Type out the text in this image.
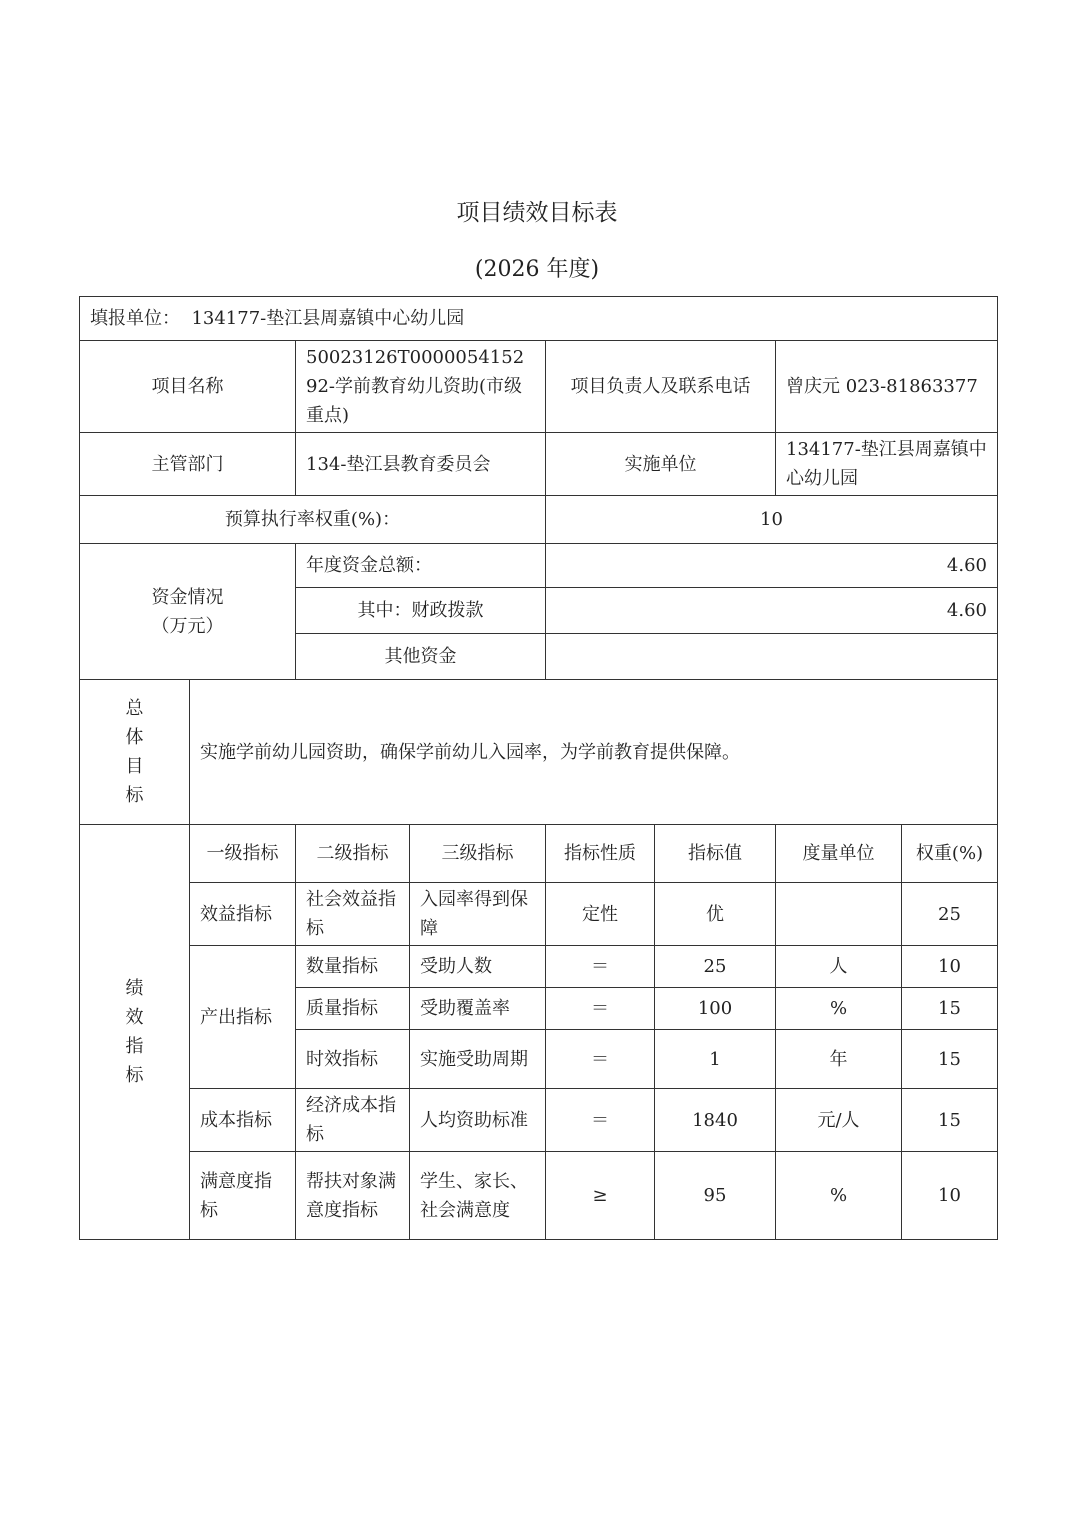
项目绩效目标表
(2026 年度)
填报单位： 134177-垫江县周嘉镇中心幼儿园							
项目名称		50023126T000005415292-学前教育幼儿资助(市级重点)		项目负责人及联系电话		曾庆元 023-81863377	
主管部门		134-垫江县教育委员会		实施单位		134177-垫江县周嘉镇中心幼儿园	
预算执行率权重(%)：				10			

资金情况
（万元）		年度资金总额：		4.60			
		其中：财政拨款		4.60			
		其他资金					
总体目标	实施学前幼儿园资助，确保学前幼儿入园率，为学前教育提供保障。						

绩
效
指
标	一级指标	二级指标	三级指标	指标性质	指标值	度量单位	权重(%)
	效益指标	社会效益指标	入园率得到保障	定性	优		25
	产出指标	数量指标	受助人数	＝	25	人	10
		质量指标	受助覆盖率	＝	100	%	15
		时效指标	实施受助周期	＝	1	年	15
	成本指标	经济成本指标	人均资助标准	＝	1840	元/人	15
	满意度指标	帮扶对象满意度指标	学生、家长、社会满意度	≥	95	%	10
